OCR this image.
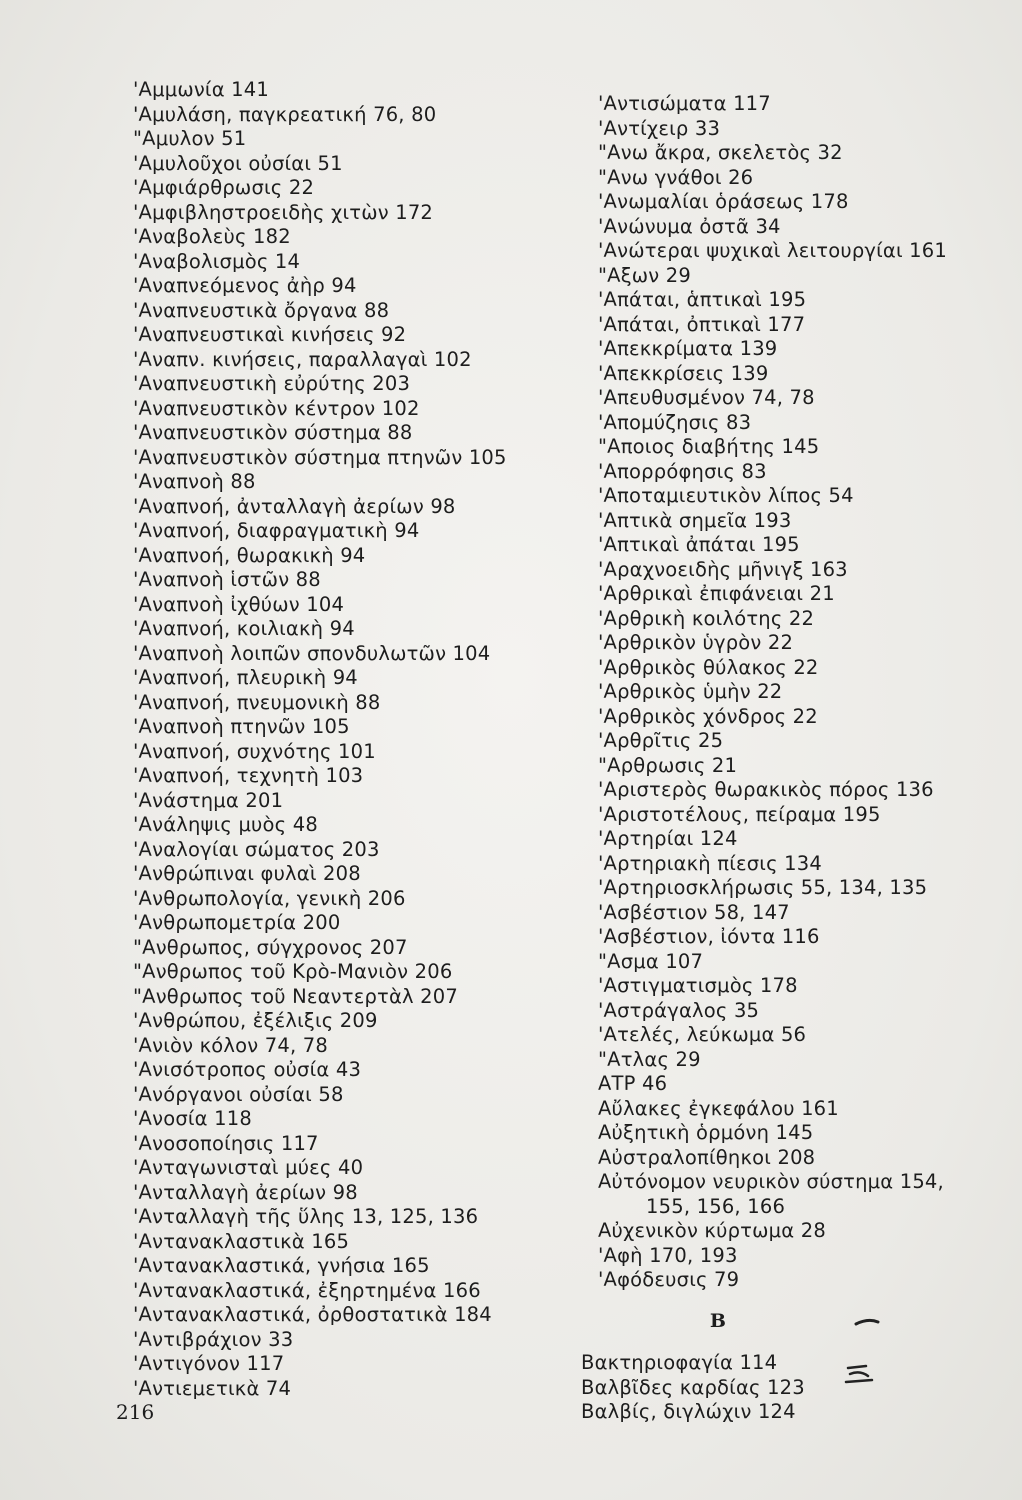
'Αμμωνία 141
'Αμυλάση, παγκρεατική 76, 80
"Αμυλον 51
'Αμυλοῦχοι οὐσίαι 51
'Αμφιάρθρωσις 22
'Αμφιβληστροειδὴς χιτὼν 172
'Αναβολεὺς 182
'Αναβολισμὸς 14
'Αναπνεόμενος ἀὴρ 94
'Αναπνευστικὰ ὄργανα 88
'Αναπνευστικαὶ κινήσεις 92
'Αναπν. κινήσεις, παραλλαγαὶ 102
'Αναπνευστικὴ εὐρύτης 203
'Αναπνευστικὸν κέντρον 102
'Αναπνευστικὸν σύστημα 88
'Αναπνευστικὸν σύστημα πτηνῶν 105
'Αναπνοὴ 88
'Αναπνοή, ἀνταλλαγὴ ἀερίων 98
'Αναπνοή, διαφραγματικὴ 94
'Αναπνοή, θωρακικὴ 94
'Αναπνοὴ ἱστῶν 88
'Αναπνοὴ ἰχθύων 104
'Αναπνοή, κοιλιακὴ 94
'Αναπνοὴ λοιπῶν σπονδυλωτῶν 104
'Αναπνοή, πλευρικὴ 94
'Αναπνοή, πνευμονικὴ 88
'Αναπνοὴ πτηνῶν 105
'Αναπνοή, συχνότης 101
'Αναπνοή, τεχνητὴ 103
'Ανάστημα 201
'Ανάληψις μυὸς 48
'Αναλογίαι σώματος 203
'Ανθρώπιναι φυλαὶ 208
'Ανθρωπολογία, γενικὴ 206
'Ανθρωπομετρία 200
"Ανθρωπος, σύγχρονος 207
"Ανθρωπος τοῦ Κρὸ-Μανιὸν 206
"Ανθρωπος τοῦ Νεαντερτὰλ 207
'Ανθρώπου, ἐξέλιξις 209
'Ανιὸν κόλον 74, 78
'Ανισότροπος οὐσία 43
'Ανόργανοι οὐσίαι 58
'Ανοσία 118
'Ανοσοποίησις 117
'Ανταγωνισταὶ μύες 40
'Ανταλλαγὴ ἀερίων 98
'Ανταλλαγὴ τῆς ὕλης 13, 125, 136
'Αντανακλαστικὰ 165
'Αντανακλαστικά, γνήσια 165
'Αντανακλαστικά, ἐξηρτημένα 166
'Αντανακλαστικά, ὀρθοστατικὰ 184
'Αντιβράχιον 33
'Αντιγόνον 117
'Αντιεμετικὰ 74
'Αντισώματα 117
'Αντίχειρ 33
"Ανω ἄκρα, σκελετὸς 32
"Ανω γνάθοι 26
'Ανωμαλίαι ὁράσεως 178
'Ανώνυμα ὀστᾶ 34
'Ανώτεραι ψυχικαὶ λειτουργίαι 161
"Αξων 29
'Απάται, ἁπτικαὶ 195
'Απάται, ὀπτικαὶ 177
'Απεκκρίματα 139
'Απεκκρίσεις 139
'Απευθυσμένον 74, 78
'Απομύζησις 83
"Αποιος διαβήτης 145
'Απορρόφησις 83
'Αποταμιευτικὸν λίπος 54
'Απτικὰ σημεῖα 193
'Απτικαὶ ἀπάται 195
'Αραχνοειδὴς μῆνιγξ 163
'Αρθρικαὶ ἐπιφάνειαι 21
'Αρθρικὴ κοιλότης 22
'Αρθρικὸν ὑγρὸν 22
'Αρθρικὸς θύλακος 22
'Αρθρικὸς ὑμὴν 22
'Αρθρικὸς χόνδρος 22
'Αρθρῖτις 25
"Αρθρωσις 21
'Αριστερὸς θωρακικὸς πόρος 136
'Αριστοτέλους, πείραμα 195
'Αρτηρίαι 124
'Αρτηριακὴ πίεσις 134
'Αρτηριοσκλήρωσις 55, 134, 135
'Ασβέστιον 58, 147
'Ασβέστιον, ἰόντα 116
"Ασμα 107
'Αστιγματισμὸς 178
'Αστράγαλος 35
'Ατελές, λεύκωμα 56
"Ατλας 29
ΑΤΡ 46
Αὔλακες ἐγκεφάλου 161
Αὐξητικὴ ὁρμόνη 145
Αὐστραλοπίθηκοι 208
Αὐτόνομον νευρικὸν σύστημα 154,
155, 156, 166
Αὐχενικὸν κύρτωμα 28
'Αφὴ 170, 193
'Αφόδευσις 79
Β
Βακτηριοφαγία 114
Βαλβῖδες καρδίας 123
Βαλβίς, διγλώχιν 124
216
